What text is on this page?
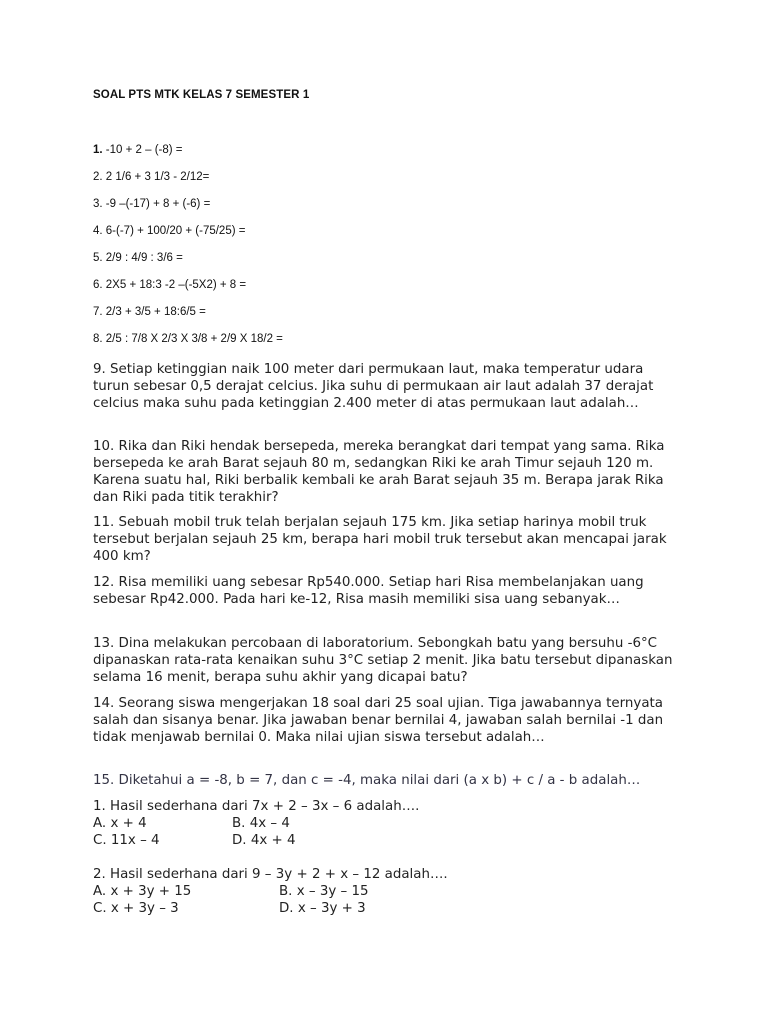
SOAL PTS MTK KELAS 7 SEMESTER 1
1. -10 + 2 – (-8) =
2. 2 1/6 + 3 1/3 - 2/12=
3. -9 –(-17) + 8 + (-6) =
4. 6-(-7) + 100/20 + (-75/25) =
5. 2/9 : 4/9 : 3/6 =
6. 2X5 + 18:3 -2 –(-5X2) + 8 =
7. 2/3 + 3/5 + 18:6/5 =
8. 2/5 : 7/8 X 2/3 X 3/8 + 2/9 X 18/2 =
9. Setiap ketinggian naik 100 meter dari permukaan laut, maka temperatur udara turun sebesar 0,5 derajat celcius. Jika suhu di permukaan air laut adalah 37 derajat celcius maka suhu pada ketinggian 2.400 meter di atas permukaan laut adalah…
10. Rika dan Riki hendak bersepeda, mereka berangkat dari tempat yang sama. Rika bersepeda ke arah Barat sejauh 80 m, sedangkan Riki ke arah Timur sejauh 120 m. Karena suatu hal, Riki berbalik kembali ke arah Barat sejauh 35 m. Berapa jarak Rika dan Riki pada titik terakhir?
11. Sebuah mobil truk telah berjalan sejauh 175 km. Jika setiap harinya mobil truk tersebut berjalan sejauh 25 km, berapa hari mobil truk tersebut akan mencapai jarak 400 km?
12. Risa memiliki uang sebesar Rp540.000. Setiap hari Risa membelanjakan uang sebesar Rp42.000. Pada hari ke-12, Risa masih memiliki sisa uang sebanyak…
13. Dina melakukan percobaan di laboratorium. Sebongkah batu yang bersuhu -6°C dipanaskan rata-rata kenaikan suhu 3°C setiap 2 menit. Jika batu tersebut dipanaskan selama 16 menit, berapa suhu akhir yang dicapai batu?
14. Seorang siswa mengerjakan 18 soal dari 25 soal ujian. Tiga jawabannya ternyata salah dan sisanya benar. Jika jawaban benar bernilai 4, jawaban salah bernilai -1 dan tidak menjawab bernilai 0. Maka nilai ujian siswa tersebut adalah…
15. Diketahui a = -8, b = 7, dan c = -4, maka nilai dari (a x b) + c / a - b adalah…
1. Hasil sederhana dari 7x + 2 – 3x – 6 adalah….
A. x + 4	B. 4x – 4
C. 11x – 4	D. 4x + 4
2. Hasil sederhana dari 9 – 3y + 2 + x – 12 adalah….
A. x + 3y + 15	B. x – 3y – 15
C. x + 3y – 3	D. x – 3y + 3
